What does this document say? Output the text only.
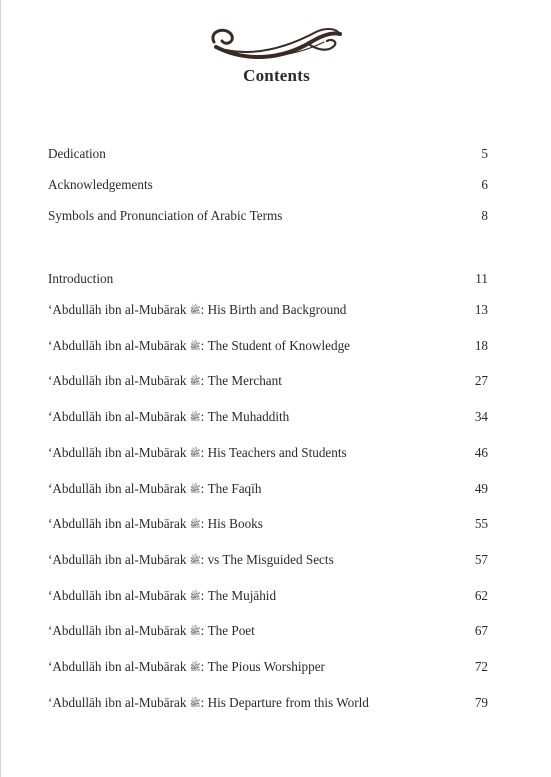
Contents
Dedication	5
Acknowledgements	6
Symbols and Pronunciation of Arabic Terms	8
Introduction	11
‘Abdullāh ibn al-Mubārak ﷺ: His Birth and Background	13
‘Abdullāh ibn al-Mubārak ﷺ: The Student of Knowledge	18
‘Abdullāh ibn al-Mubārak ﷺ: The Merchant	27
‘Abdullāh ibn al-Mubārak ﷺ: The Muhaddith	34
‘Abdullāh ibn al-Mubārak ﷺ: His Teachers and Students	46
‘Abdullāh ibn al-Mubārak ﷺ: The Faqīh	49
‘Abdullāh ibn al-Mubārak ﷺ: His Books	55
‘Abdullāh ibn al-Mubārak ﷺ: vs The Misguided Sects	57
‘Abdullāh ibn al-Mubārak ﷺ: The Mujāhid	62
‘Abdullāh ibn al-Mubārak ﷺ: The Poet	67
‘Abdullāh ibn al-Mubārak ﷺ: The Pious Worshipper	72
‘Abdullāh ibn al-Mubārak ﷺ: His Departure from this World	79
